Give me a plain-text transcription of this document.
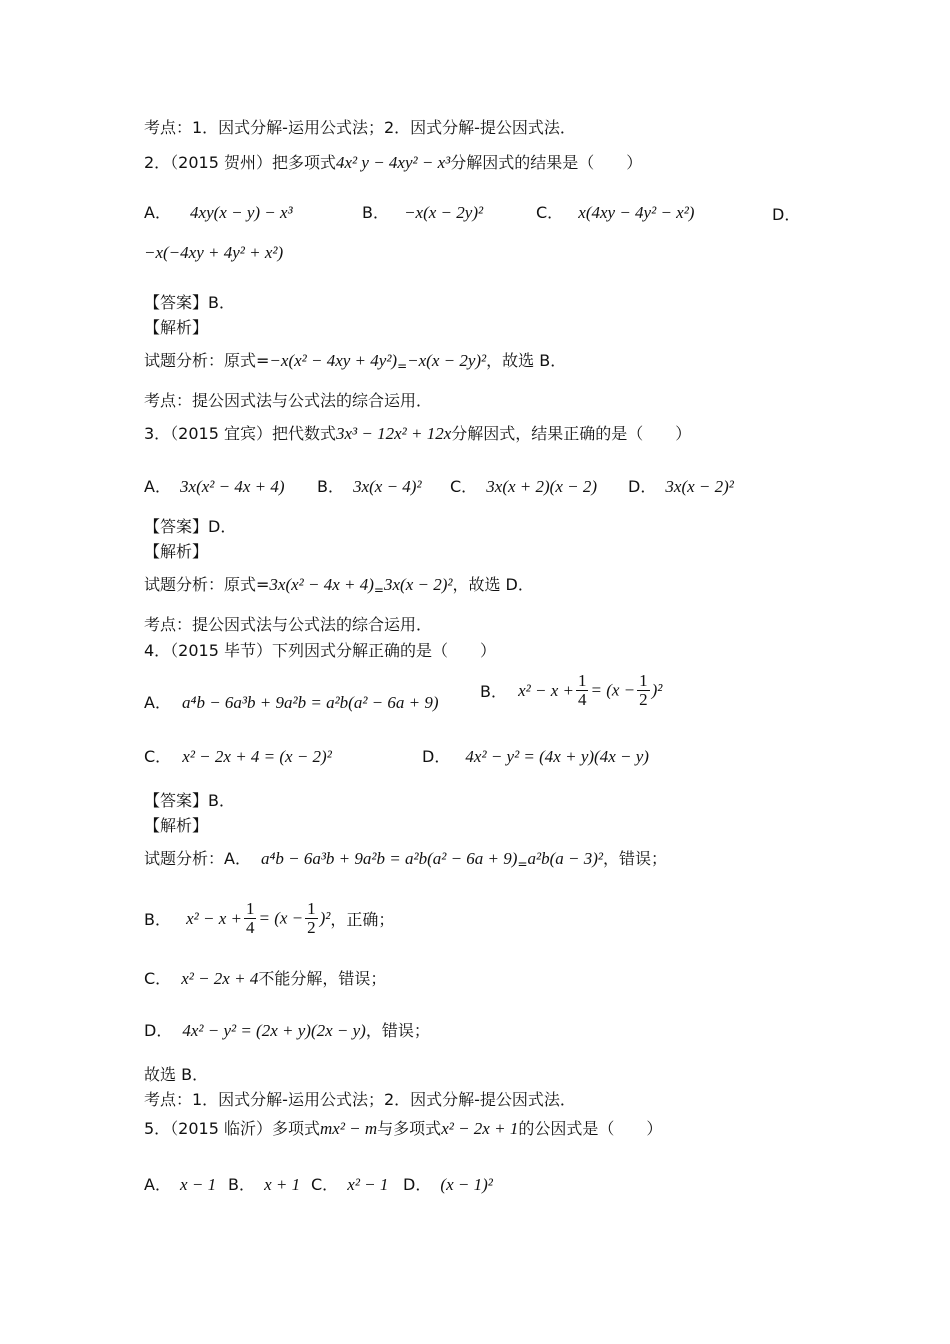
考点：1．因式分解-运用公式法；2．因式分解-提公因式法．
2．（2015 贺州）把多项式4x² y − 4xy² − x³分解因式的结果是（　　）
A． 4xy(x − y) − x³	B． −x(x − 2y)²	C． x(4xy − 4y² − x²)	D．
−x(−4xy + 4y² + x²)
【答案】B．
【解析】
试题分析：原式$=-x(x^2 - 4xy + 4y^2)_=-x(x - 2y)^2$，故选 B．
考点：提公因式法与公式法的综合运用．
3．（2015 宜宾）把代数式3x³ − 12x² + 12x分解因式，结果正确的是（　　）
A． 3x(x² − 4x + 4) B． 3x(x − 4)² C． 3x(x + 2)(x − 2) D． 3x(x − 2)²
【答案】D．
【解析】
试题分析：原式$=3x(x^2 - 4x + 4)_=3x(x - 2)^2$，故选 D．
考点：提公因式法与公式法的综合运用．
4．（2015 毕节）下列因式分解正确的是（　　）
A． a⁴b − 6a³b + 9a²b = a²b(a² − 6a + 9)
B． $x^2 - x + \frac{1}{4} = (x - \frac{1}{2} )^2$
C． x² − 2x + 4 = (x − 2)²	D． 4x² − y² = (4x + y)(4x − y)
【答案】B．
【解析】
试题分析：A． $a^4b - 6a^3b + 9a^2b = a^2b(a^2 - 6a + 9)_=a^2b(a - 3)^2$，错误；
B． $x^2 - x + \frac{1}{4} = (x - \frac{1}{2} )^2$，正确；
C． x² − 2x + 4不能分解，错误；
D． 4x² − y² = (2x + y)(2x − y)，错误；
故选 B．
考点：1．因式分解-运用公式法；2．因式分解-提公因式法．
5．（2015 临沂）多项式mx² − m与多项式x² − 2x + 1的公因式是（　　）
A． x − 1 B． x + 1 C． x² − 1 D． (x − 1)²
